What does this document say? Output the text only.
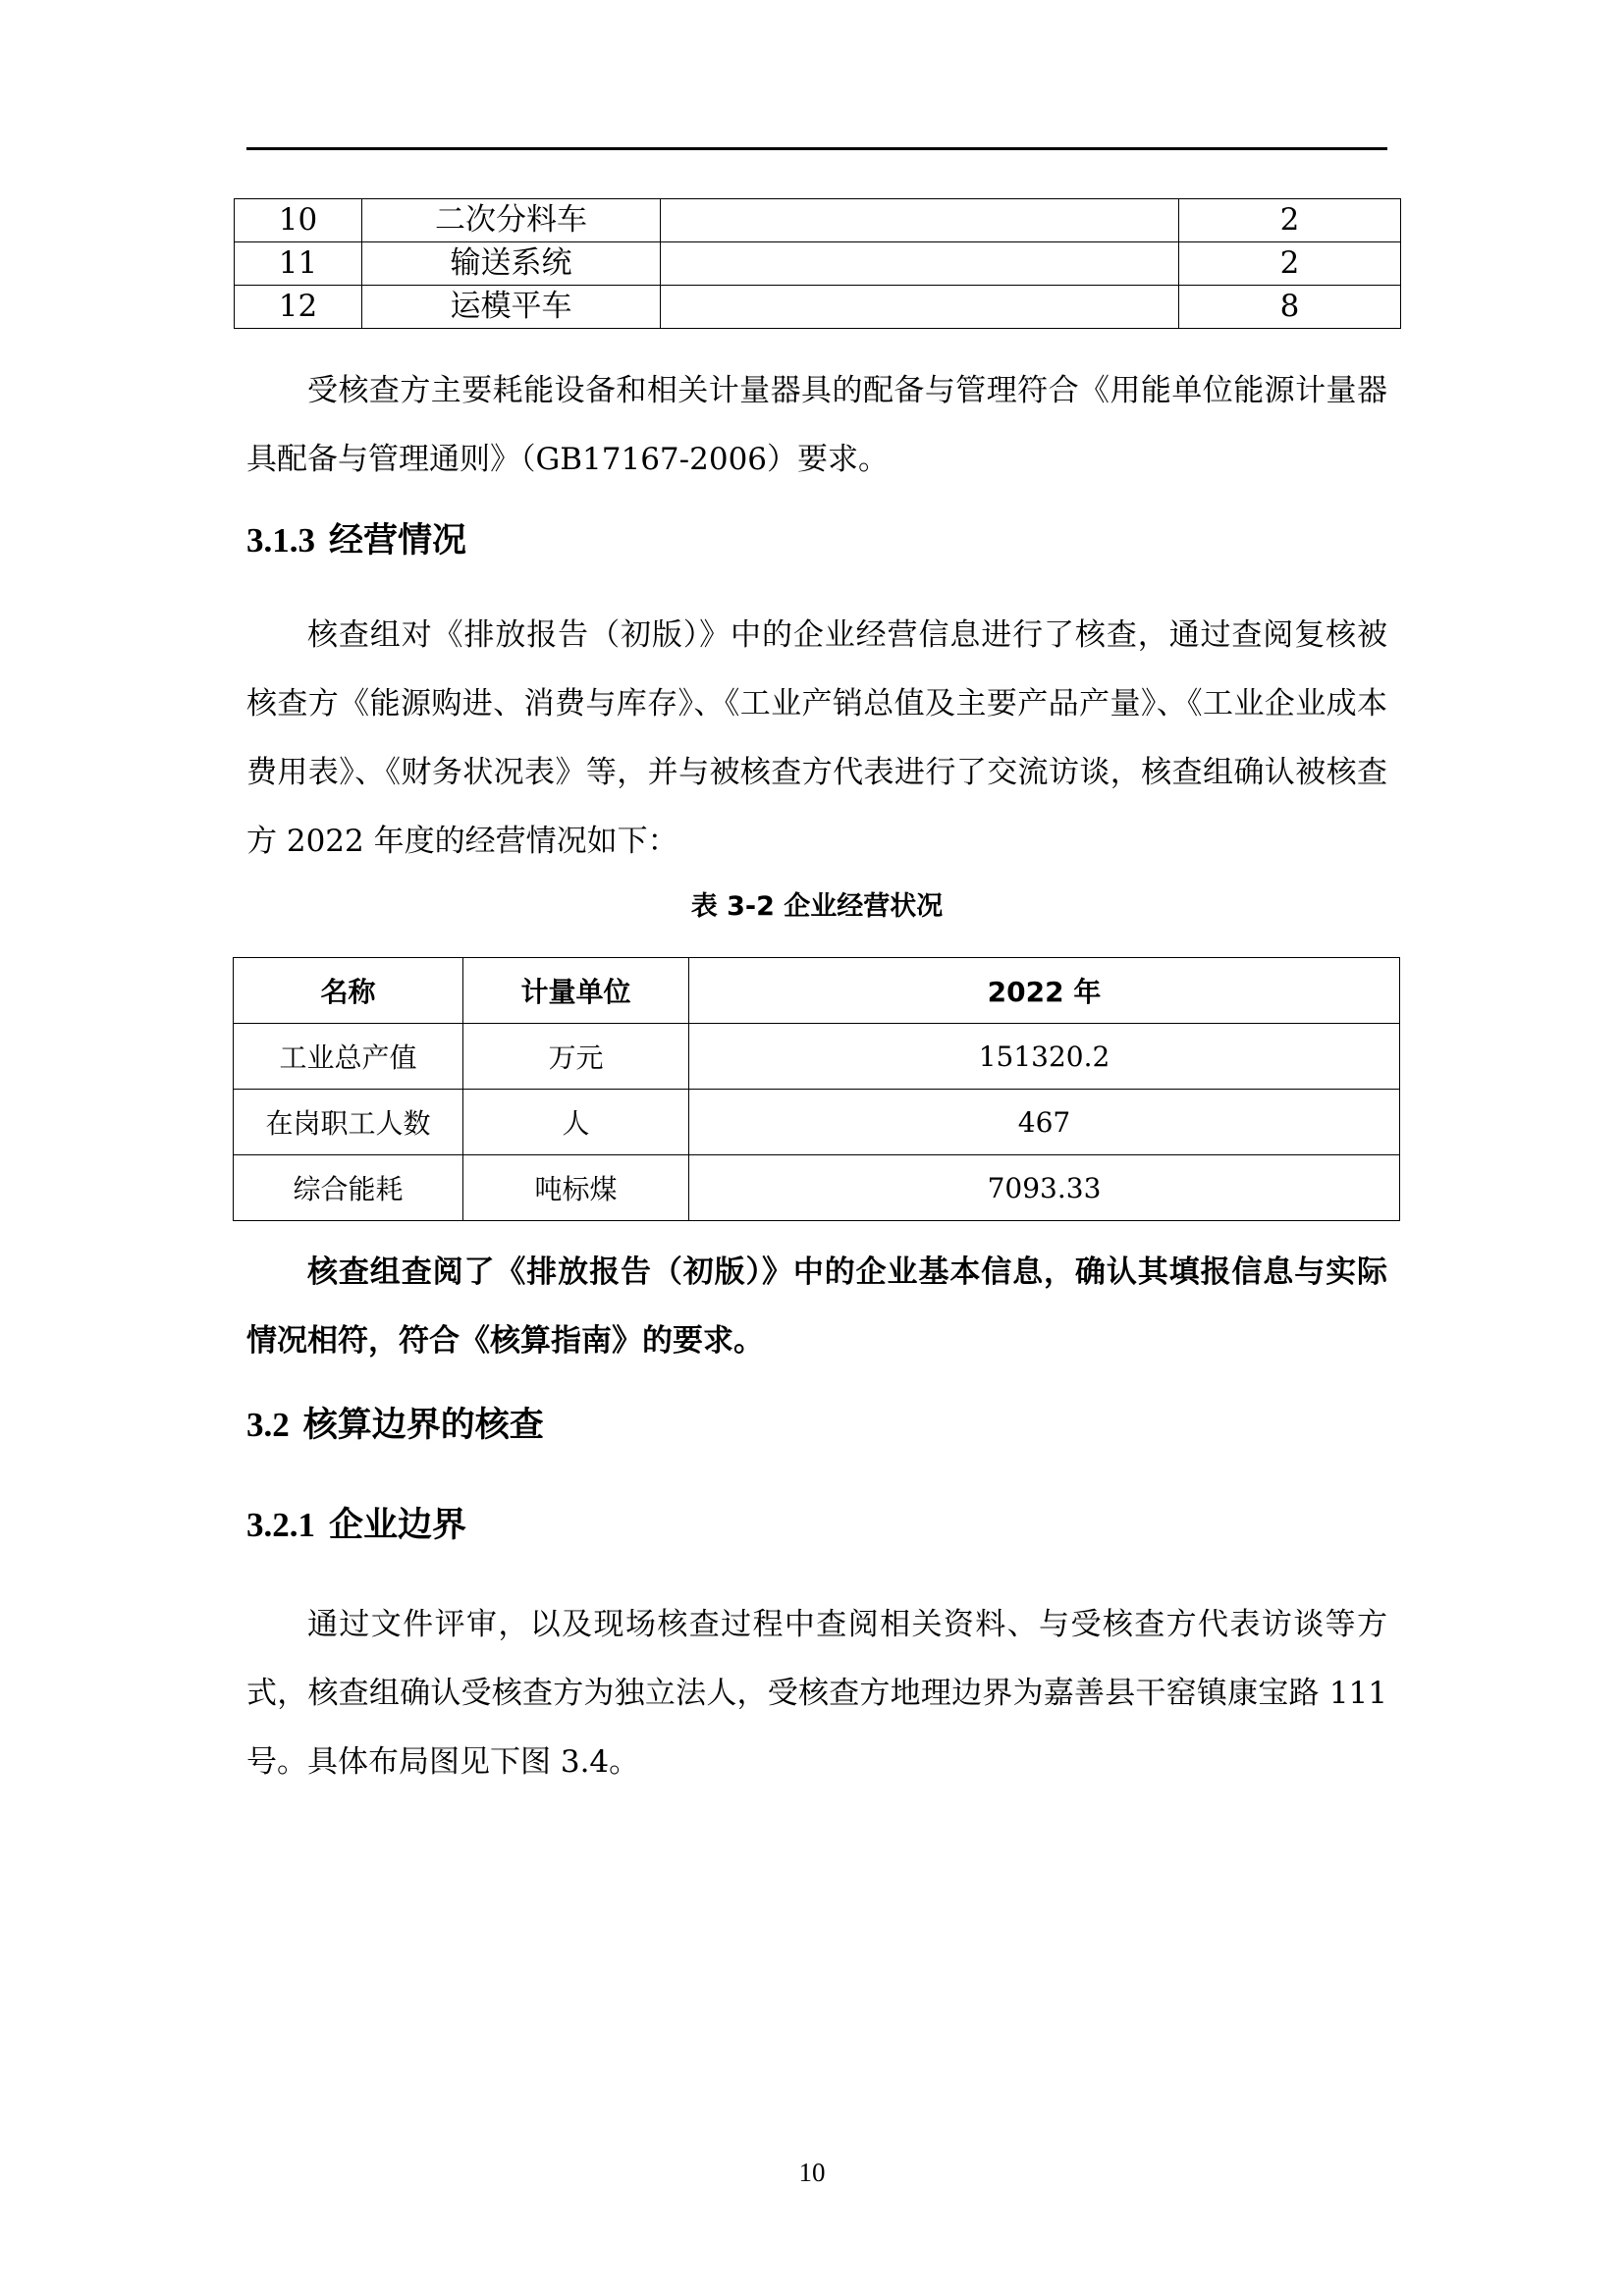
10	二次分料车		2
11	输送系统		2
12	运模平车		8

受核查方主要耗能设备和相关计量器具的配备与管理符合《用能单位能源计量器具配备与管理通则》（GB17167-2006）要求。

3.1.3 经营情况

核查组对《排放报告（初版）》中的企业经营信息进行了核查，通过查阅复核被核查方《能源购进、消费与库存》、《工业产销总值及主要产品产量》、《工业企业成本费用表》、《财务状况表》等，并与被核查方代表进行了交流访谈，核查组确认被核查方 2022 年度的经营情况如下：

表 3-2 企业经营状况
名称	计量单位	2022 年
工业总产值	万元	151320.2
在岗职工人数	人	467
综合能耗	吨标煤	7093.33

核查组查阅了《排放报告（初版）》中的企业基本信息，确认其填报信息与实际情况相符，符合《核算指南》的要求。

3.2 核算边界的核查
3.2.1 企业边界

通过文件评审，以及现场核查过程中查阅相关资料、与受核查方代表访谈等方式，核查组确认受核查方为独立法人，受核查方地理边界为嘉善县干窑镇康宝路 111 号。具体布局图见下图 3.4。

10
